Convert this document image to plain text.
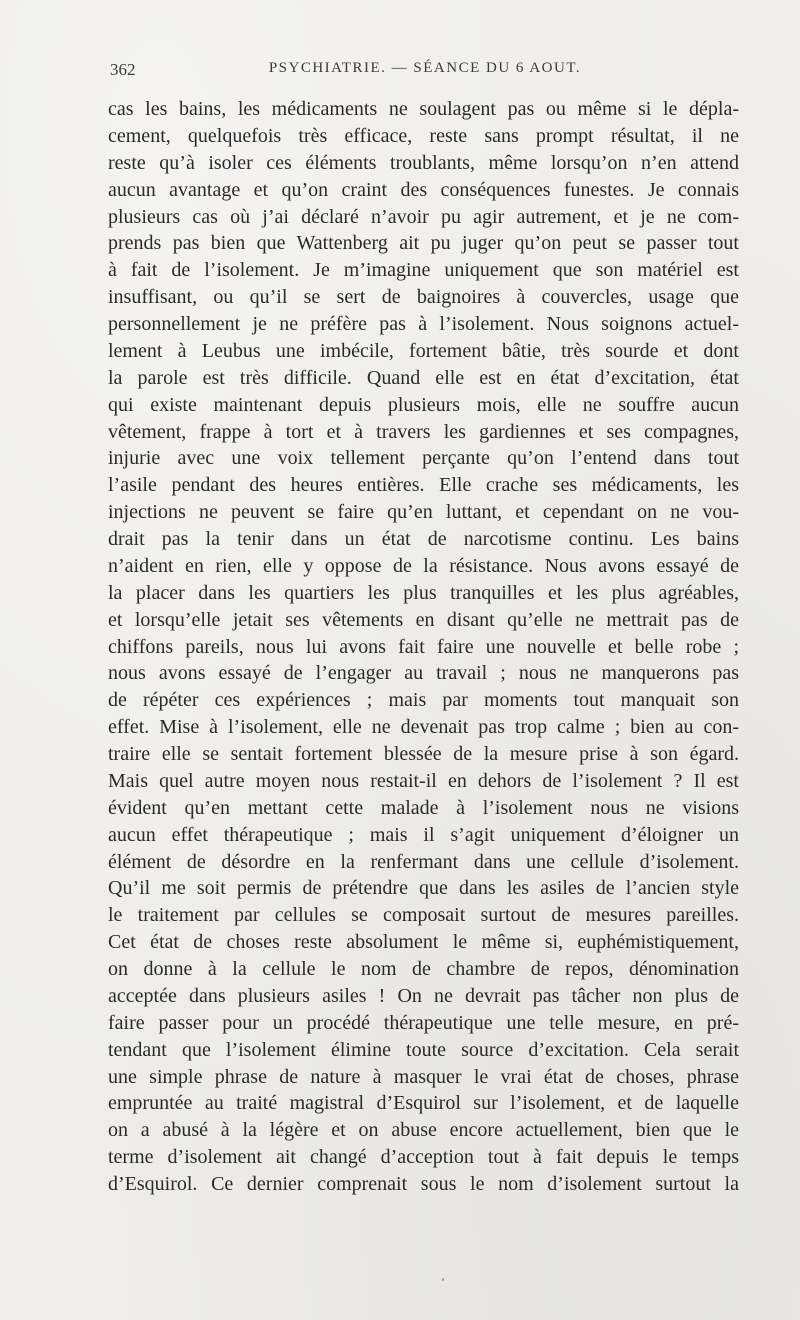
362	PSYCHIATRIE. — SÉANCE DU 6 AOUT.
cas les bains, les médicaments ne soulagent pas ou même si le dépla-
cement, quelquefois très efficace, reste sans prompt résultat, il ne
reste qu’à isoler ces éléments troublants, même lorsqu’on n’en attend
aucun avantage et qu’on craint des conséquences funestes. Je connais
plusieurs cas où j’ai déclaré n’avoir pu agir autrement, et je ne com-
prends pas bien que Wattenberg ait pu juger qu’on peut se passer tout
à fait de l’isolement. Je m’imagine uniquement que son matériel est
insuffisant, ou qu’il se sert de baignoires à couvercles, usage que
personnellement je ne préfère pas à l’isolement. Nous soignons actuel-
lement à Leubus une imbécile, fortement bâtie, très sourde et dont
la parole est très difficile. Quand elle est en état d’excitation, état
qui existe maintenant depuis plusieurs mois, elle ne souffre aucun
vêtement, frappe à tort et à travers les gardiennes et ses compagnes,
injurie avec une voix tellement perçante qu’on l’entend dans tout
l’asile pendant des heures entières. Elle crache ses médicaments, les
injections ne peuvent se faire qu’en luttant, et cependant on ne vou-
drait pas la tenir dans un état de narcotisme continu. Les bains
n’aident en rien, elle y oppose de la résistance. Nous avons essayé de
la placer dans les quartiers les plus tranquilles et les plus agréables,
et lorsqu’elle jetait ses vêtements en disant qu’elle ne mettrait pas de
chiffons pareils, nous lui avons fait faire une nouvelle et belle robe ;
nous avons essayé de l’engager au travail ; nous ne manquerons pas
de répéter ces expériences ; mais par moments tout manquait son
effet. Mise à l’isolement, elle ne devenait pas trop calme ; bien au con-
traire elle se sentait fortement blessée de la mesure prise à son égard.
Mais quel autre moyen nous restait-il en dehors de l’isolement ? Il est
évident qu’en mettant cette malade à l’isolement nous ne visions
aucun effet thérapeutique ; mais il s’agit uniquement d’éloigner un
élément de désordre en la renfermant dans une cellule d’isolement.
Qu’il me soit permis de prétendre que dans les asiles de l’ancien style
le traitement par cellules se composait surtout de mesures pareilles.
Cet état de choses reste absolument le même si, euphémistiquement,
on donne à la cellule le nom de chambre de repos, dénomination
acceptée dans plusieurs asiles ! On ne devrait pas tâcher non plus de
faire passer pour un procédé thérapeutique une telle mesure, en pré-
tendant que l’isolement élimine toute source d’excitation. Cela serait
une simple phrase de nature à masquer le vrai état de choses, phrase
empruntée au traité magistral d’Esquirol sur l’isolement, et de laquelle
on a abusé à la légère et on abuse encore actuellement, bien que le
terme d’isolement ait changé d’acception tout à fait depuis le temps
d’Esquirol. Ce dernier comprenait sous le nom d’isolement surtout la
